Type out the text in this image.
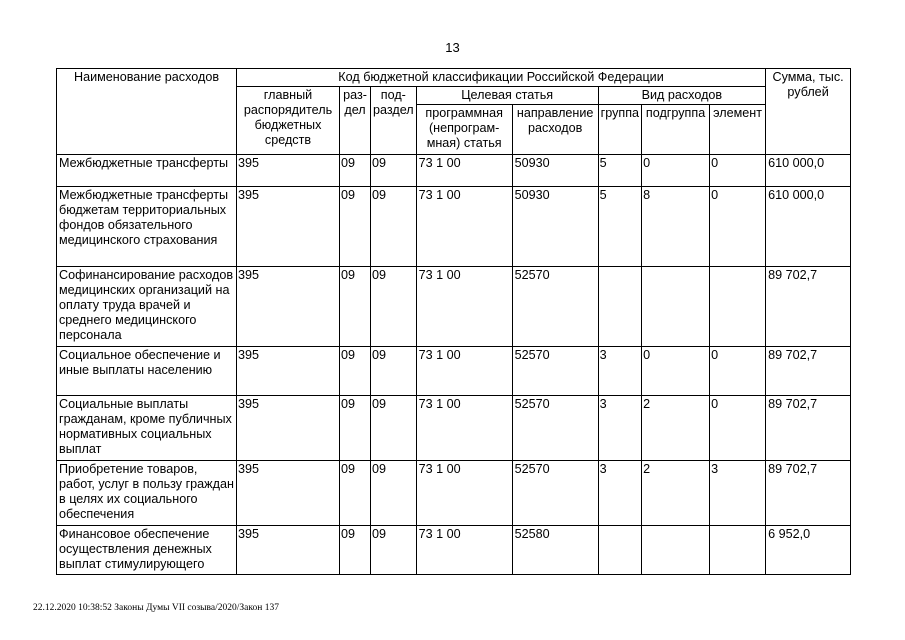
13
Наименование расходов	Код бюджетной классификации Российской Федерации								Сумма, тыс. рублей
	главный распорядитель бюджетных средств	раз-дел	под-раздел	Целевая статья		Вид расходов			
				программная (непрограм-мная) статья	направление расходов	группа	подгруппа	элемент	
Межбюджетные трансферты	395	09	09	73 1 00	50930	5	0	0	610 000,0
Межбюджетные трансферты бюджетам территориальных фондов обязательного медицинского страхования	395	09	09	73 1 00	50930	5	8	0	610 000,0
Софинансирование расходов медицинских организаций на оплату труда врачей и среднего медицинского персонала	395	09	09	73 1 00	52570				89 702,7
Социальное обеспечение и иные выплаты населению	395	09	09	73 1 00	52570	3	0	0	89 702,7
Социальные выплаты гражданам, кроме публичных нормативных социальных выплат	395	09	09	73 1 00	52570	3	2	0	89 702,7
Приобретение товаров, работ, услуг в пользу граждан в целях их социального обеспечения	395	09	09	73 1 00	52570	3	2	3	89 702,7
Финансовое обеспечение осуществления денежных выплат стимулирующего	395	09	09	73 1 00	52580				6 952,0
22.12.2020 10:38:52 Законы Думы VII созыва/2020/Закон 137
